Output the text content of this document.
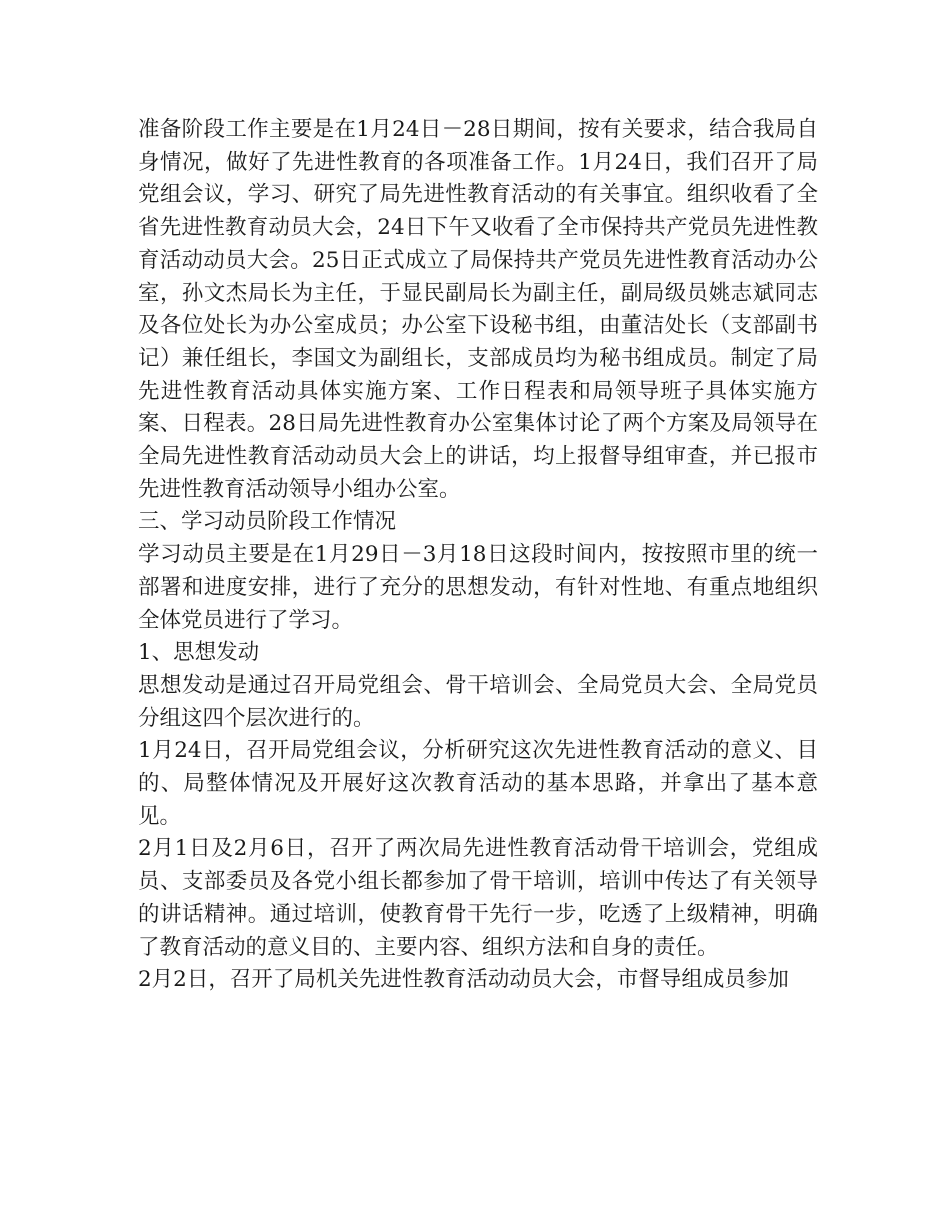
准备阶段工作主要是在1月24日－28日期间，按有关要求，结合我局自身情况，做好了先进性教育的各项准备工作。1月24日，我们召开了局党组会议，学习、研究了局先进性教育活动的有关事宜。组织收看了全省先进性教育动员大会，24日下午又收看了全市保持共产党员先进性教育活动动员大会。25日正式成立了局保持共产党员先进性教育活动办公室，孙文杰局长为主任，于显民副局长为副主任，副局级员姚志斌同志及各位处长为办公室成员；办公室下设秘书组，由董洁处长（支部副书记）兼任组长，李国文为副组长，支部成员均为秘书组成员。制定了局先进性教育活动具体实施方案、工作日程表和局领导班子具体实施方案、日程表。28日局先进性教育办公室集体讨论了两个方案及局领导在全局先进性教育活动动员大会上的讲话，均上报督导组审查，并已报市先进性教育活动领导小组办公室。

三、学习动员阶段工作情况

学习动员主要是在1月29日－3月18日这段时间内，按按照市里的统一部署和进度安排，进行了充分的思想发动，有针对性地、有重点地组织全体党员进行了学习。

1、思想发动

思想发动是通过召开局党组会、骨干培训会、全局党员大会、全局党员分组这四个层次进行的。

1月24日，召开局党组会议，分析研究这次先进性教育活动的意义、目的、局整体情况及开展好这次教育活动的基本思路，并拿出了基本意见。

2月1日及2月6日，召开了两次局先进性教育活动骨干培训会，党组成员、支部委员及各党小组长都参加了骨干培训，培训中传达了有关领导的讲话精神。通过培训，使教育骨干先行一步，吃透了上级精神，明确了教育活动的意义目的、主要内容、组织方法和自身的责任。

2月2日，召开了局机关先进性教育活动动员大会，市督导组成员参加
